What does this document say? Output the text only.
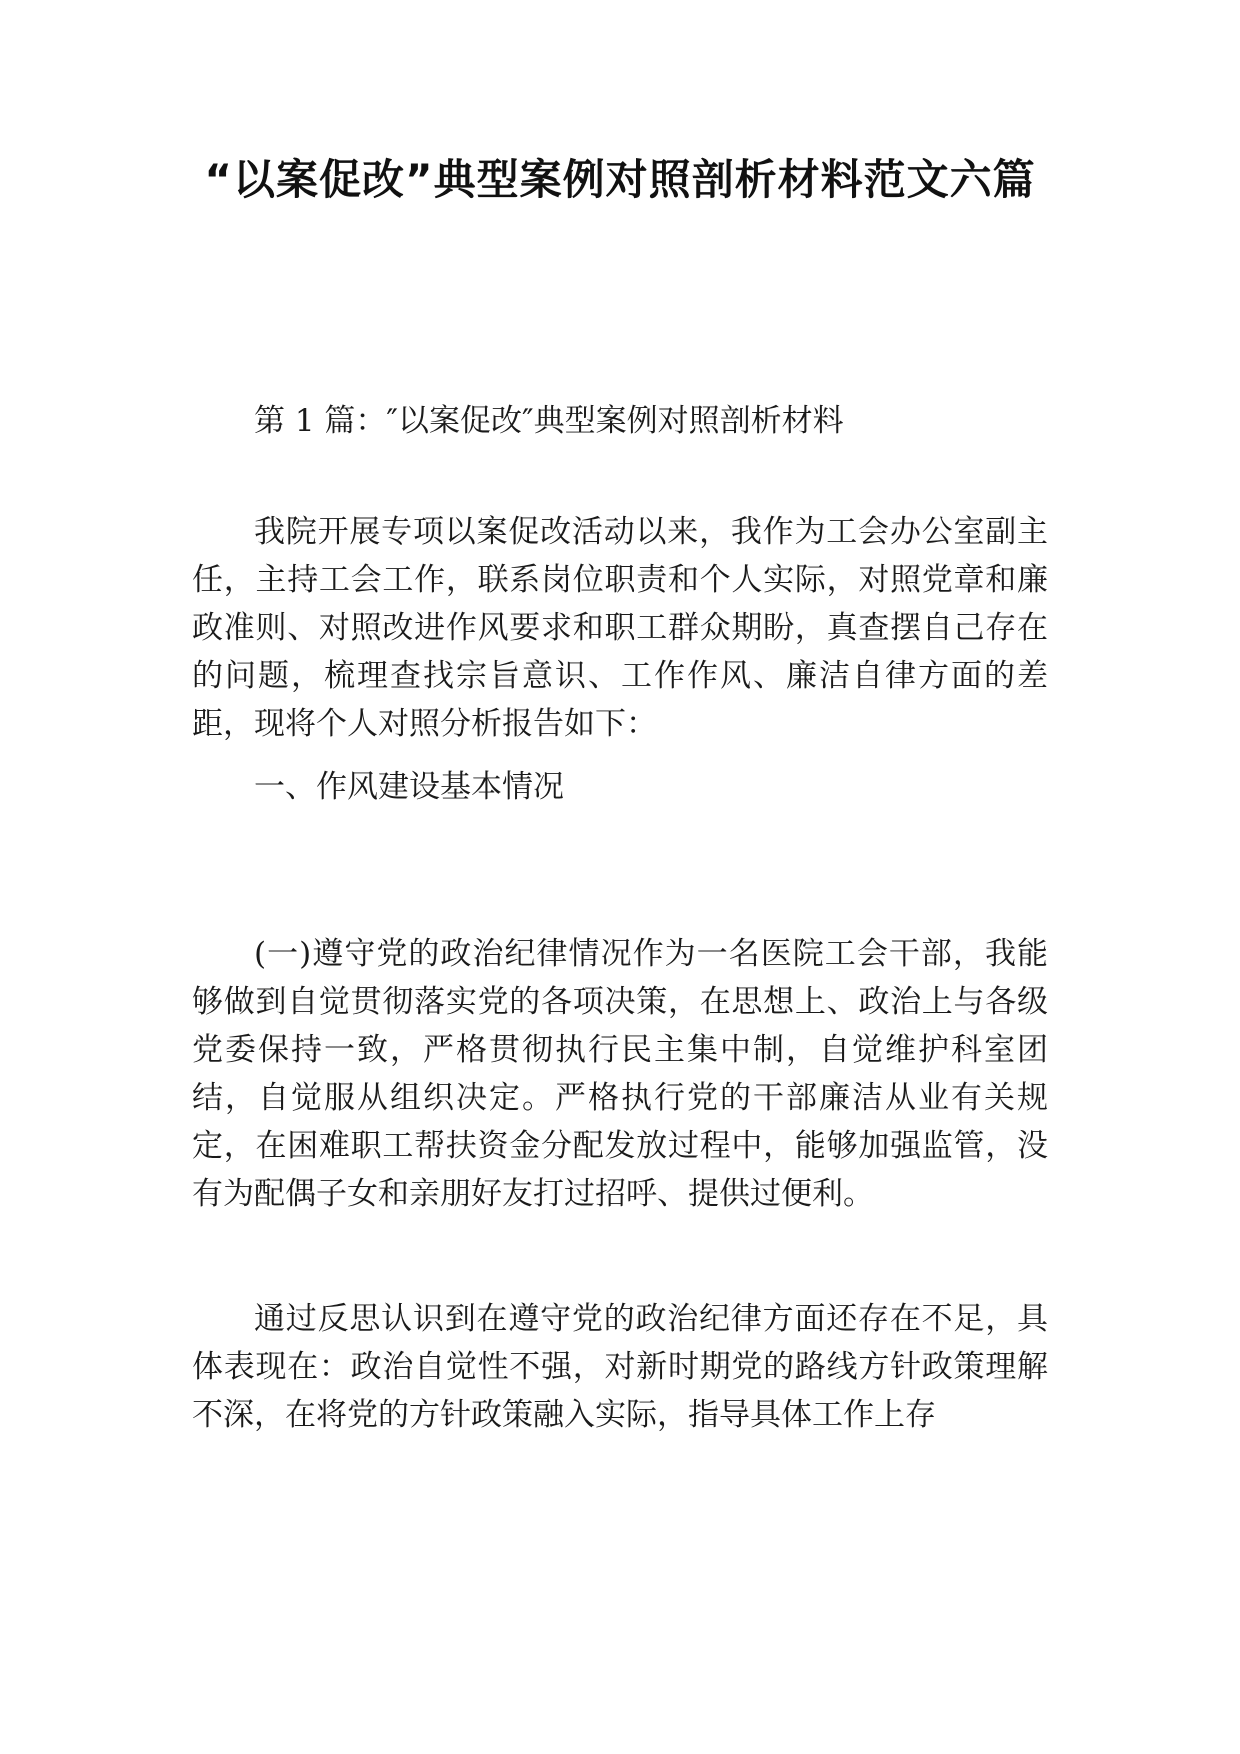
“以案促改”典型案例对照剖析材料范文六篇

第 1 篇：″以案促改″典型案例对照剖析材料

我院开展专项以案促改活动以来，我作为工会办公室副主任，主持工会工作，联系岗位职责和个人实际，对照党章和廉政准则、对照改进作风要求和职工群众期盼，真查摆自己存在的问题，梳理查找宗旨意识、工作作风、廉洁自律方面的差距，现将个人对照分析报告如下：

一、作风建设基本情况

(一)遵守党的政治纪律情况作为一名医院工会干部，我能够做到自觉贯彻落实党的各项决策，在思想上、政治上与各级党委保持一致，严格贯彻执行民主集中制，自觉维护科室团结，自觉服从组织决定。严格执行党的干部廉洁从业有关规定，在困难职工帮扶资金分配发放过程中，能够加强监管，没有为配偶子女和亲朋好友打过招呼、提供过便利。

通过反思认识到在遵守党的政治纪律方面还存在不足，具体表现在：政治自觉性不强，对新时期党的路线方针政策理解不深，在将党的方针政策融入实际，指导具体工作上存
